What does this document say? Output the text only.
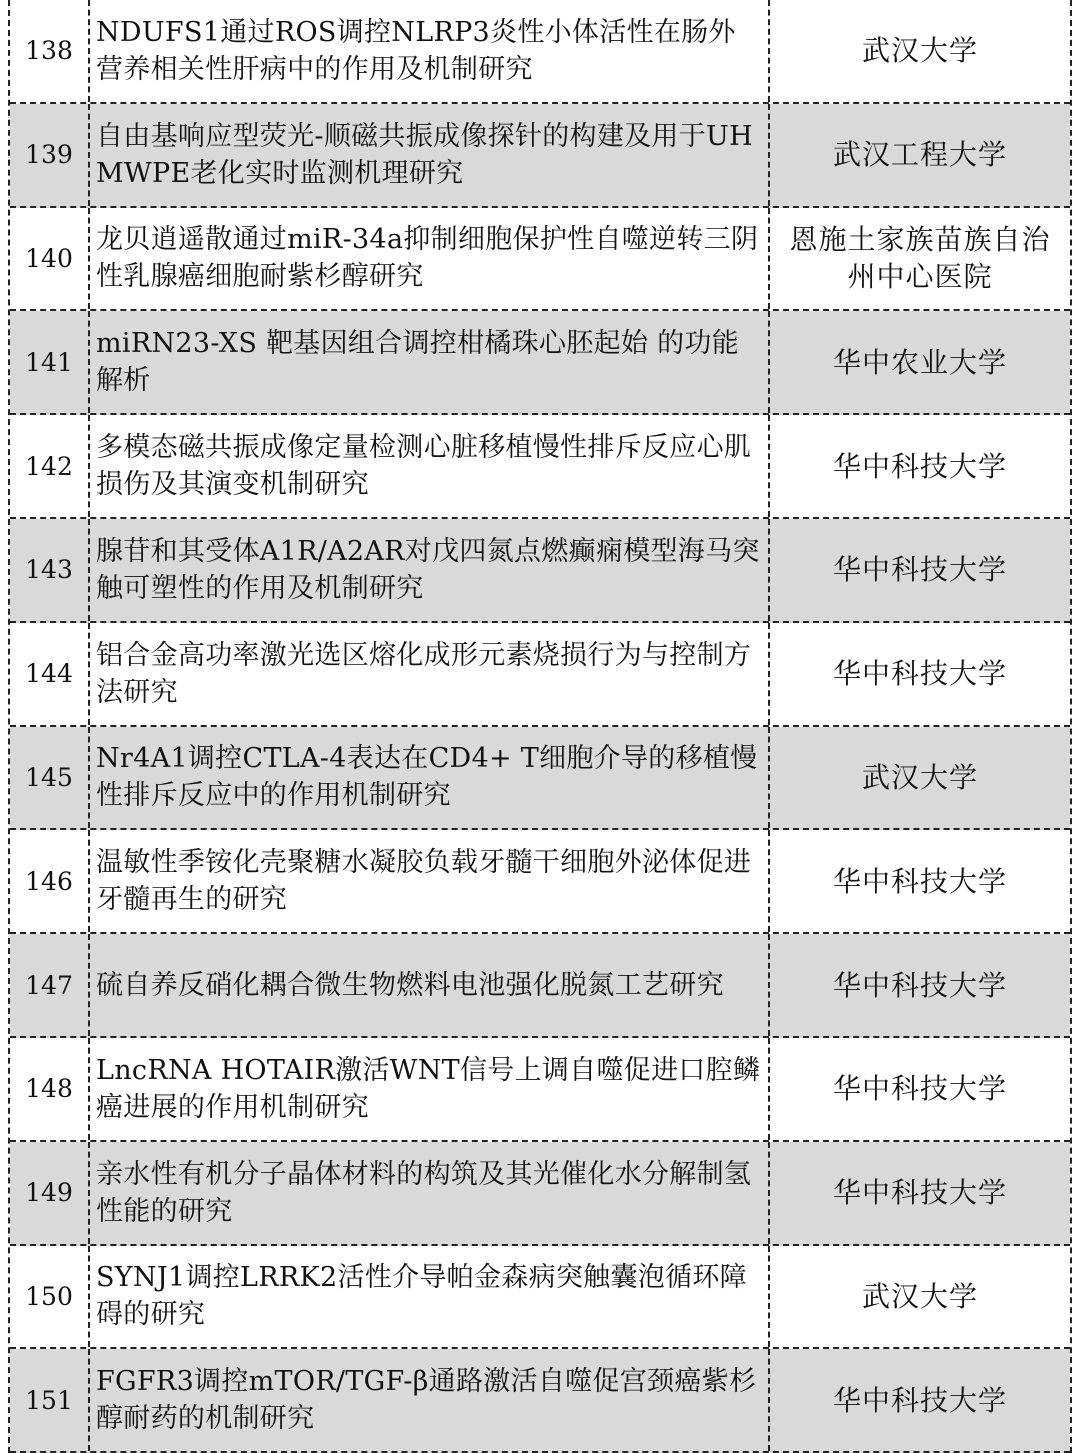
138
NDUFS1通过ROS调控NLRP3炎性小体活性在肠外营养相关性肝病中的作用及机制研究
武汉大学
139
自由基响应型荧光-顺磁共振成像探针的构建及用于UHMWPE老化实时监测机理研究
武汉工程大学
140
龙贝逍遥散通过miR-34a抑制细胞保护性自噬逆转三阴性乳腺癌细胞耐紫杉醇研究
恩施土家族苗族自治州中心医院
141
miRN23-XS 靶基因组合调控柑橘珠心胚起始 的功能解析
华中农业大学
142
多模态磁共振成像定量检测心脏移植慢性排斥反应心肌损伤及其演变机制研究
华中科技大学
143
腺苷和其受体A1R/A2AR对戊四氮点燃癫痫模型海马突触可塑性的作用及机制研究
华中科技大学
144
铝合金高功率激光选区熔化成形元素烧损行为与控制方法研究
华中科技大学
145
Nr4A1调控CTLA-4表达在CD4+ T细胞介导的移植慢性排斥反应中的作用机制研究
武汉大学
146
温敏性季铵化壳聚糖水凝胶负载牙髓干细胞外泌体促进牙髓再生的研究
华中科技大学
147 硫自养反硝化耦合微生物燃料电池强化脱氮工艺研究	华中科技大学
148
LncRNA HOTAIR激活WNT信号上调自噬促进口腔鳞癌进展的作用机制研究
华中科技大学
149
亲水性有机分子晶体材料的构筑及其光催化水分解制氢性能的研究
华中科技大学
150
SYNJ1调控LRRK2活性介导帕金森病突触囊泡循环障碍的研究
武汉大学
151
FGFR3调控mTOR/TGF-β通路激活自噬促宫颈癌紫杉醇耐药的机制研究
华中科技大学
